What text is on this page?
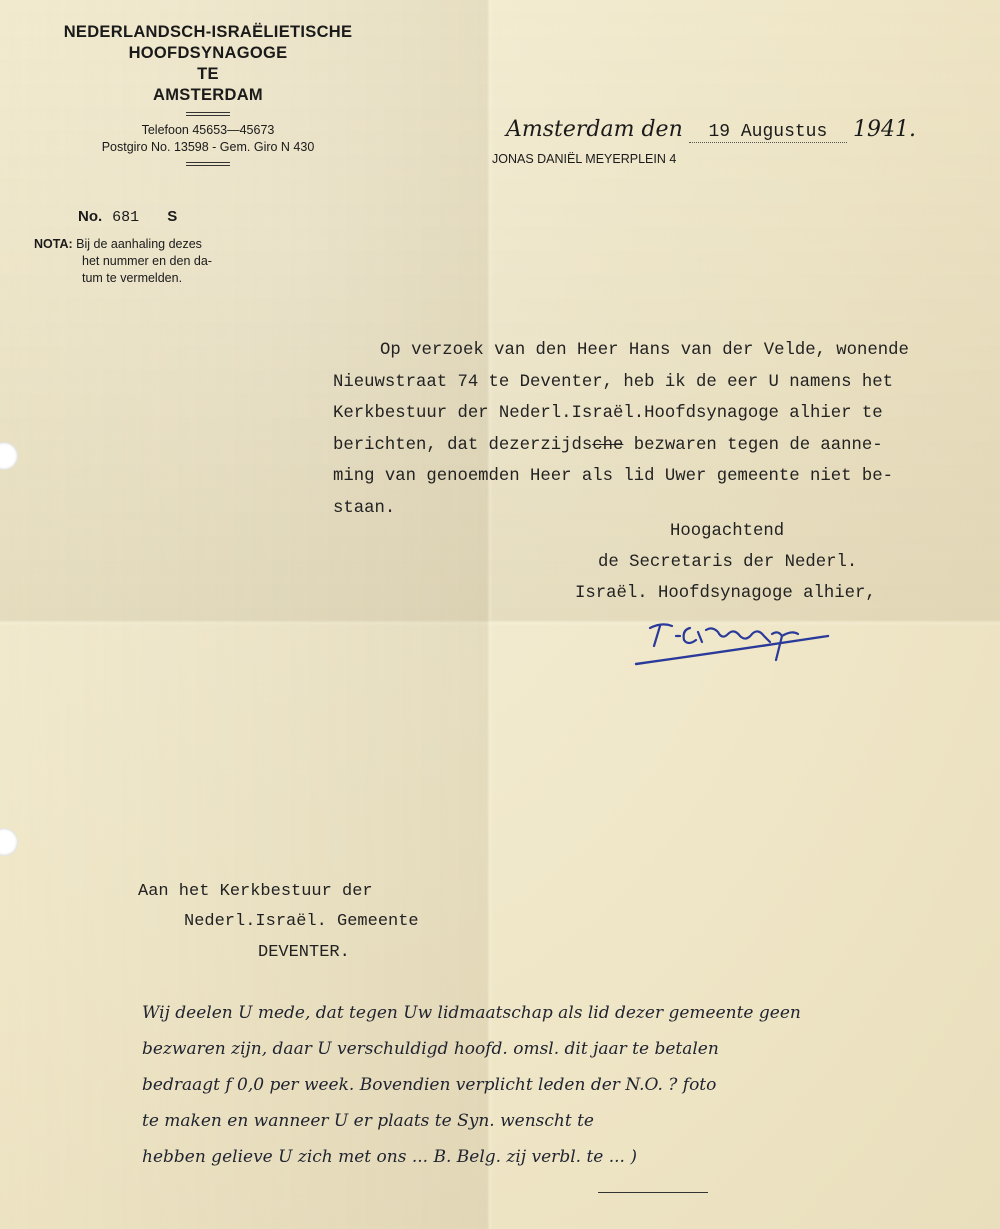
NEDERLANDSCH-ISRAËLIETISCHE
HOOFDSYNAGOGE
TE
AMSTERDAM
Telefoon 45653—45673
Postgiro No. 13598 - Gem. Giro N 430
No. 681 S
NOTA: Bij de aanhaling dezes
het nummer en den da-
tum te vermelden.
Amsterdam den 19 Augustus 1941.
JONAS DANIËL MEYERPLEIN 4
Op verzoek van den Heer Hans van der Velde, wonende
Nieuwstraat 74 te Deventer, heb ik de eer U namens het
Kerkbestuur der Nederl.Israël.Hoofdsynagoge alhier te
berichten, dat dezerzijdsche bezwaren tegen de aanne-
ming van genoemden Heer als lid Uwer gemeente niet be-
staan.
Hoogachtend
de Secretaris der Nederl.
Israël. Hoofdsynagoge alhier,
Aan het Kerkbestuur der
Nederl.Israël. Gemeente
DEVENTER.
Wij deelen U mede, dat tegen Uw lidmaatschap als lid dezer gemeente geen
bezwaren zijn, daar U verschuldigd hoofd. omsl. dit jaar te betalen
bedraagt f 0,0 per week. Bovendien verplicht leden der N.O. ? foto
te maken en wanneer U er plaats te Syn. wenscht te
hebben gelieve U zich met ons ... B. Belg. zij verbl. te ... )
